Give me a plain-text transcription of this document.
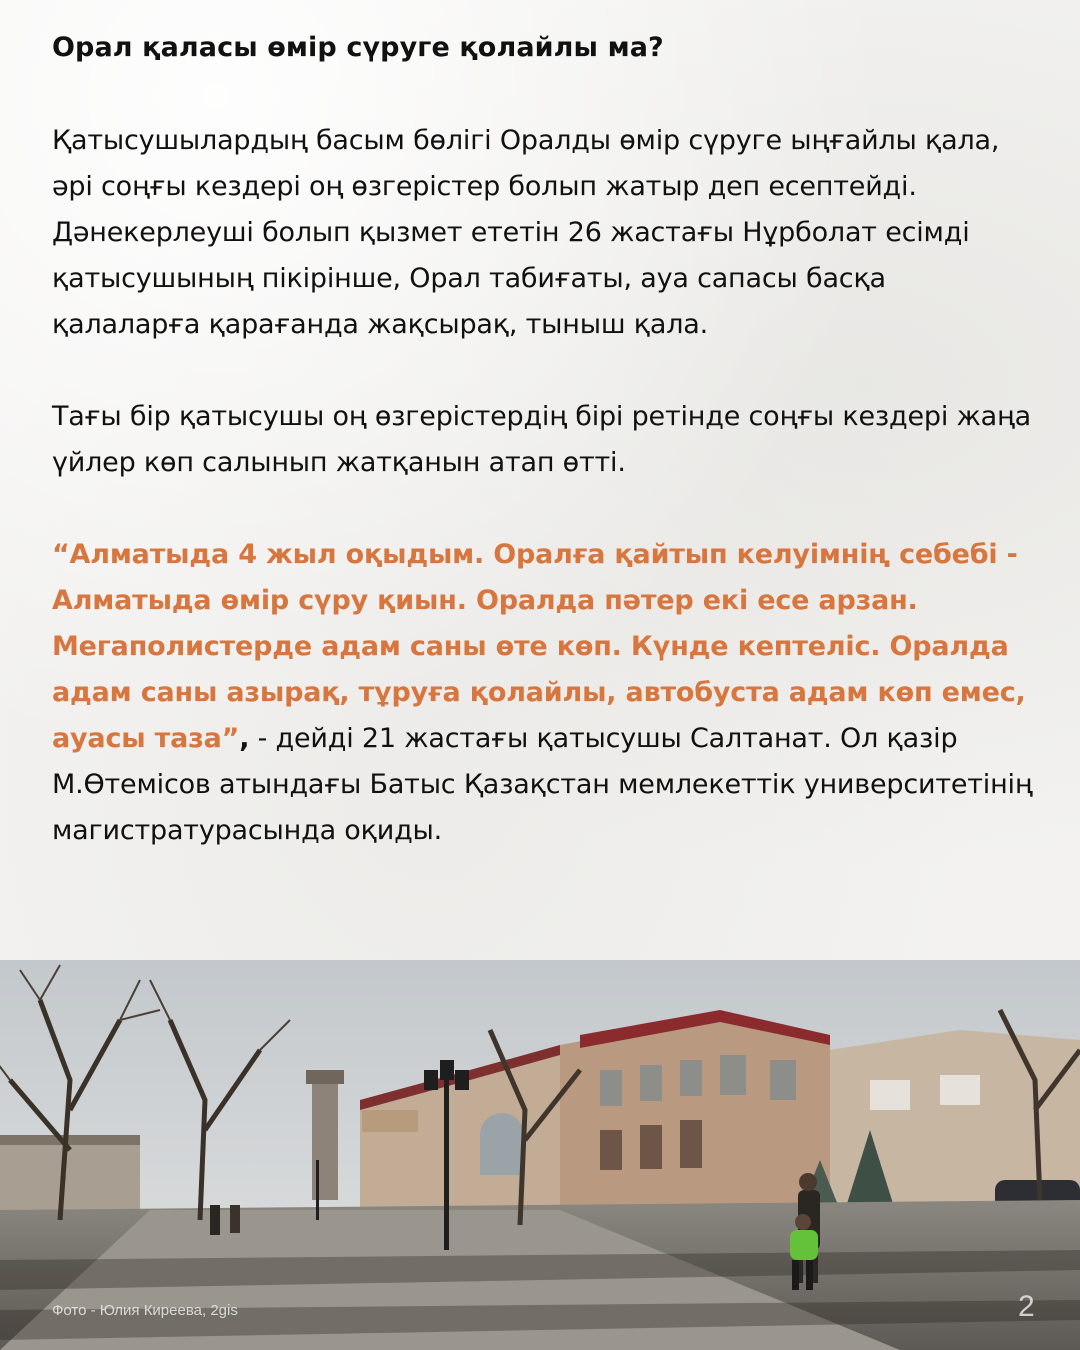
Орал қаласы өмір сүруге қолайлы ма?

Қатысушылардың басым бөлігі Оралды өмір сүруге ыңғайлы қала, әрі соңғы кездері оң өзгерістер болып жатыр деп есептейді. Дәнекерлеуші болып қызмет ететін 26 жастағы Нұрболат есімді қатысушының пікірінше, Орал табиғаты, ауа сапасы басқа қалаларға қарағанда жақсырақ, тыныш қала.

Тағы бір қатысушы оң өзгерістердің бірі ретінде соңғы кездері жаңа үйлер көп салынып жатқанын атап өтті.

“Алматыда 4 жыл оқыдым. Оралға қайтып келуімнің себебі - Алматыда өмір сүру қиын. Оралда пәтер екі есе арзан. Мегаполистерде адам саны өте көп. Күнде кептеліс. Оралда адам саны азырақ, тұруға қолайлы, автобуста адам көп емес, ауасы таза”, - дейді 21 жастағы қатысушы Салтанат. Ол қазір М.Өтемісов атындағы Батыс Қазақстан мемлекеттік университетінің магистратурасында оқиды.

Фото - Юлия Киреева, 2gis	2
